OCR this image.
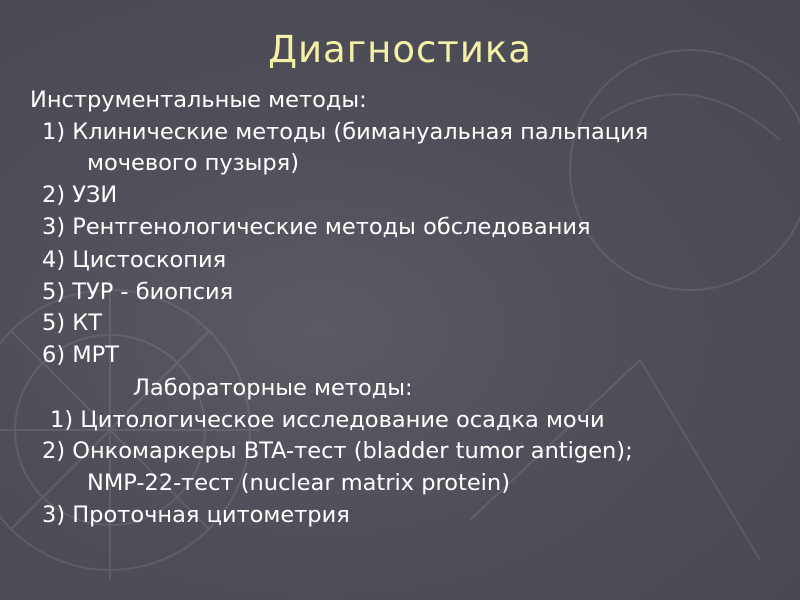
Диагностика
Инструментальные методы:
1) Клинические методы (бимануальная пальпация
мочевого пузыря)
2) УЗИ
3) Рентгенологические методы обследования
4) Цистоскопия
5) ТУР - биопсия
5) КТ
6) МРТ
Лабораторные методы:
1) Цитологическое исследование осадка мочи
2) Онкомаркеры BTA-тест (bladder tumor antigen);
NMP-22-тест (nuclear matrix protein)
3) Проточная цитометрия
